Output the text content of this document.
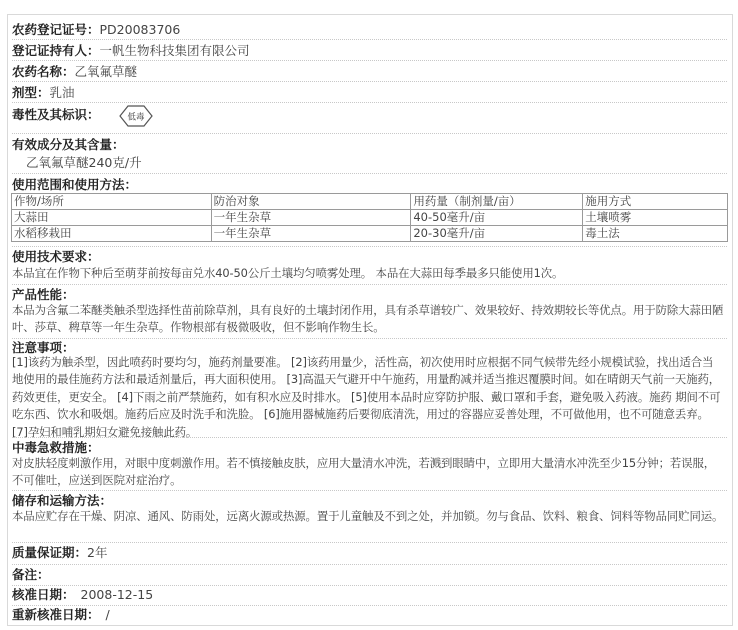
农药登记证号：PD20083706
登记证持有人：一帆生物科技集团有限公司
农药名称：乙氧氟草醚
剂型：乳油
毒性及其标识：	低毒
有效成分及其含量：
乙氧氟草醚240克/升
使用范围和使用方法：
作物/场所	防治对象	用药量（制剂量/亩）	施用方式
大蒜田	一年生杂草	40-50毫升/亩	土壤喷雾
水稻移栽田	一年生杂草	20-30毫升/亩	毒土法
使用技术要求：
本品宜在作物下种后至萌芽前按每亩兑水40-50公斤土壤均匀喷雾处理。 本品在大蒜田每季最多只能使用1次。
产品性能：
本品为含氟二苯醚类触杀型选择性苗前除草剂，具有良好的土壤封闭作用，具有杀草谱较广、效果较好、持效期较长等优点。用于防除大蒜田陋叶、莎草、稗草等一年生杂草。作物根部有极微吸收，但不影响作物生长。
注意事项：
[1]该药为触杀型，因此喷药时要均匀，施药剂量要准。 [2]该药用量少，活性高，初次使用时应根据不同气候带先经小规模试验，找出适合当地使用的最佳施药方法和最适剂量后，再大面积使用。 [3]高温天气避开中午施药，用量酌减并适当推迟覆膜时间。如在晴朗天气前一天施药，药效更佳，更安全。 [4]下雨之前严禁施药，如有积水应及时排水。 [5]使用本品时应穿防护服、戴口罩和手套，避免吸入药液。施药 期间不可吃东西、饮水和吸烟。施药后应及时洗手和洗脸。 [6]施用器械施药后要彻底清洗，用过的容器应妥善处理，不可做他用，也不可随意丢弃。 [7]孕妇和哺乳期妇女避免接触此药。
中毒急救措施：
对皮肤轻度刺激作用，对眼中度刺激作用。若不慎接触皮肤，应用大量清水冲洗，若溅到眼睛中，立即用大量清水冲洗至少15分钟；若误服，不可催吐，应送到医院对症治疗。
储存和运输方法：
本品应贮存在干燥、阴凉、通风、防雨处，远离火源或热源。置于儿童触及不到之处，并加锁。勿与食品、饮料、粮食、饲料等物品同贮同运。
质量保证期：2年
备注：
核准日期： 2008-12-15
重新核准日期： /
